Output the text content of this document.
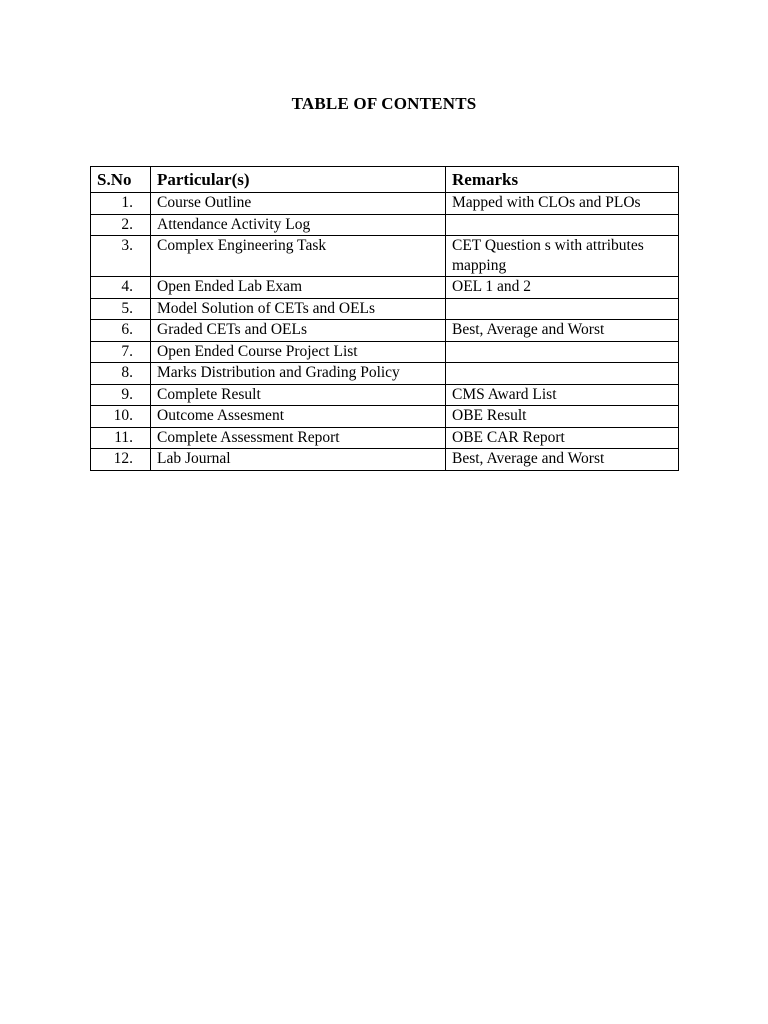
TABLE OF CONTENTS
S.No	Particular(s)	Remarks
1.	Course Outline	Mapped with CLOs and PLOs
2.	Attendance Activity Log	
3.	Complex Engineering Task	CET Question s with attributes mapping
4.	Open Ended Lab Exam	OEL 1 and 2
5.	Model Solution of CETs and OELs	
6.	Graded CETs and OELs	Best, Average and Worst
7.	Open Ended Course Project List	
8.	Marks Distribution and Grading Policy	
9.	Complete Result	CMS Award List
10.	Outcome Assesment	OBE Result
11.	Complete Assessment Report	OBE CAR Report
12.	Lab Journal	Best, Average and Worst
